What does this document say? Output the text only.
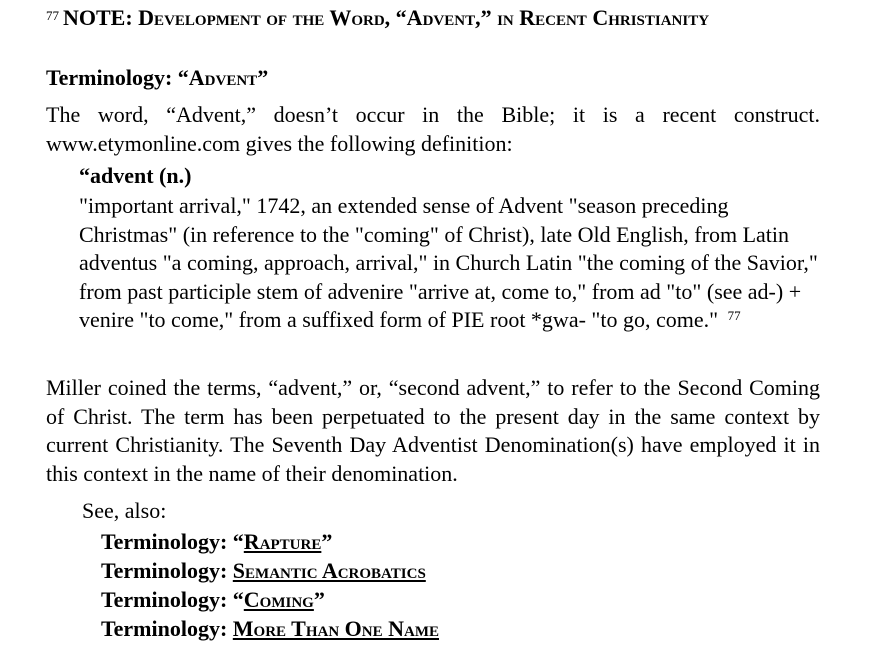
$^{77}$ NOTE: Development of the Word, “Advent,” in Recent Christianity
Terminology: “Advent”
The word, “Advent,” doesn’t occur in the Bible; it is a recent construct. www.etymonline.com gives the following definition:
“advent (n.)
"important arrival," 1742, an extended sense of Advent "season preceding Christmas" (in reference to the "coming" of Christ), late Old English, from Latin adventus "a coming, approach, arrival," in Church Latin "the coming of the Savior," from past participle stem of advenire "arrive at, come to," from ad "to" (see ad-) + venire "to come," from a suffixed form of PIE root *gwa- "to go, come." $^{77}$
Miller coined the terms, “advent,” or, “second advent,” to refer to the Second Coming of Christ. The term has been perpetuated to the present day in the same context by current Christianity. The Seventh Day Adventist Denomination(s) have employed it in this context in the name of their denomination.
See, also:
Terminology: “Rapture”
Terminology: Semantic Acrobatics
Terminology: “Coming”
Terminology: More Than One Name
